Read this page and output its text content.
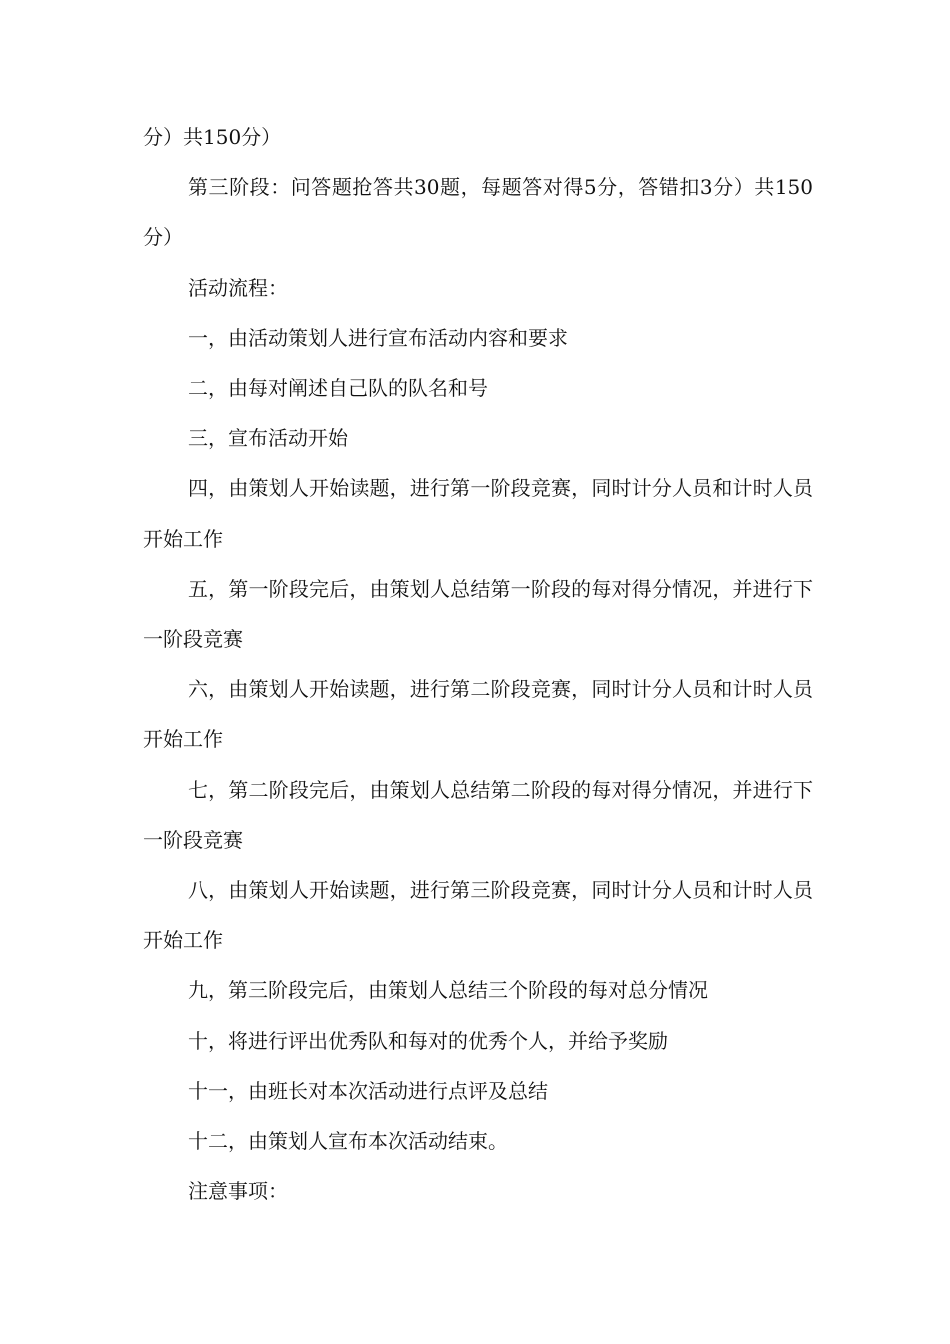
分）共150分）

第三阶段：问答题抢答共30题，每题答对得5分，答错扣3分）共150分）

活动流程：

一，由活动策划人进行宣布活动内容和要求

二，由每对阐述自己队的队名和号

三，宣布活动开始

四，由策划人开始读题，进行第一阶段竞赛，同时计分人员和计时人员开始工作

五，第一阶段完后，由策划人总结第一阶段的每对得分情况，并进行下一阶段竞赛

六，由策划人开始读题，进行第二阶段竞赛，同时计分人员和计时人员开始工作

七，第二阶段完后，由策划人总结第二阶段的每对得分情况，并进行下一阶段竞赛

八，由策划人开始读题，进行第三阶段竞赛，同时计分人员和计时人员开始工作

九，第三阶段完后，由策划人总结三个阶段的每对总分情况

十，将进行评出优秀队和每对的优秀个人，并给予奖励

十一，由班长对本次活动进行点评及总结

十二，由策划人宣布本次活动结束。

注意事项：
